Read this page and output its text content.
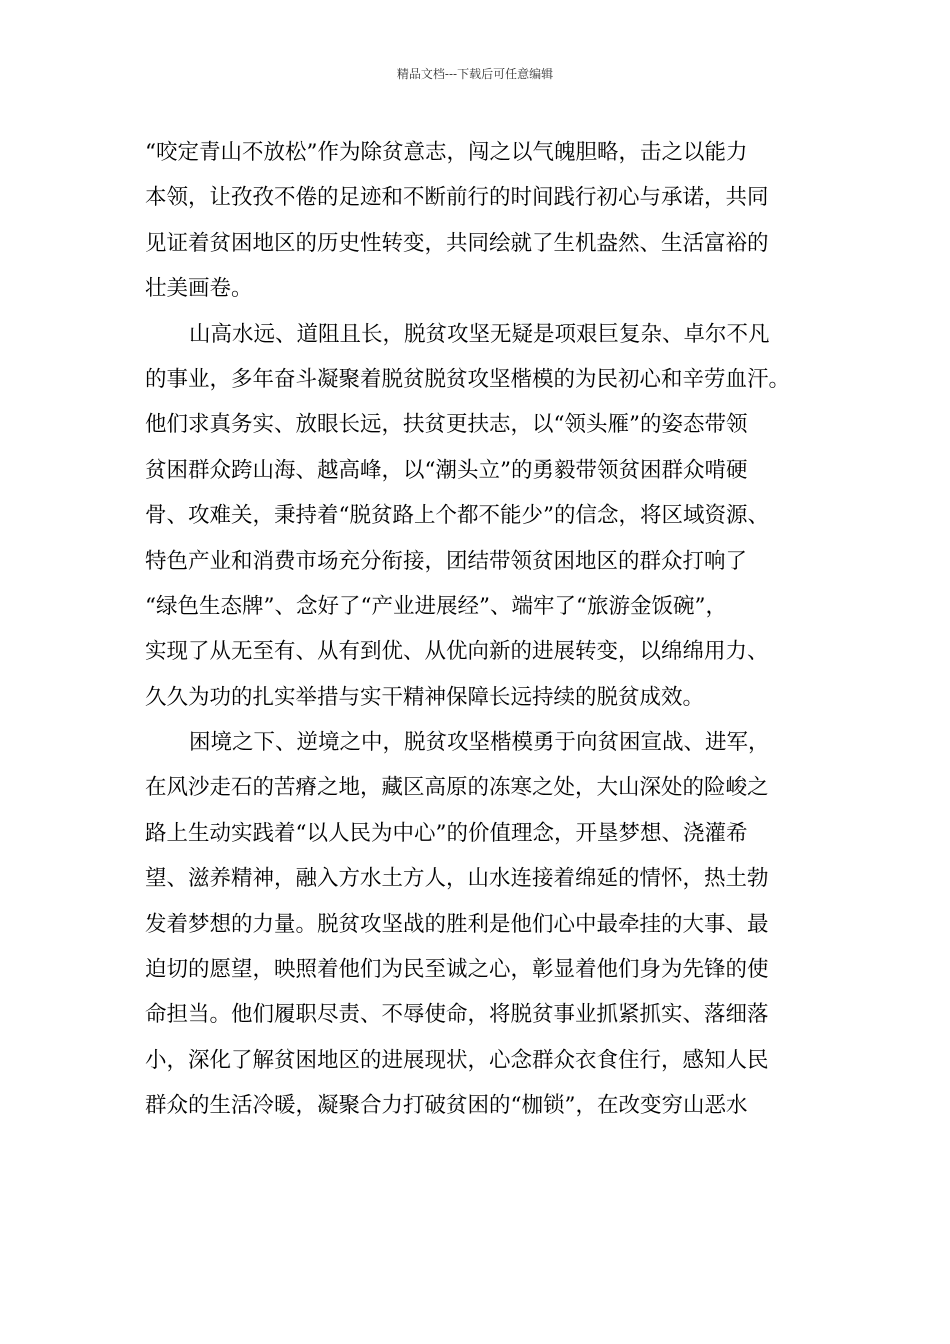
精品文档---下载后可任意编辑
“咬定青山不放松”作为除贫意志，闯之以气魄胆略，击之以能力
本领，让孜孜不倦的足迹和不断前行的时间践行初心与承诺，共同
见证着贫困地区的历史性转变，共同绘就了生机盎然、生活富裕的
壮美画卷。
山高水远、道阻且长，脱贫攻坚无疑是项艰巨复杂、卓尔不凡
的事业，多年奋斗凝聚着脱贫脱贫攻坚楷模的为民初心和辛劳血汗。
他们求真务实、放眼长远，扶贫更扶志，以“领头雁”的姿态带领
贫困群众跨山海、越高峰，以“潮头立”的勇毅带领贫困群众啃硬
骨、攻难关，秉持着“脱贫路上个都不能少”的信念，将区域资源、
特色产业和消费市场充分衔接，团结带领贫困地区的群众打响了
“绿色生态牌”、念好了“产业进展经”、端牢了“旅游金饭碗”，
实现了从无至有、从有到优、从优向新的进展转变，以绵绵用力、
久久为功的扎实举措与实干精神保障长远持续的脱贫成效。
困境之下、逆境之中，脱贫攻坚楷模勇于向贫困宣战、进军，
在风沙走石的苦瘠之地，藏区高原的冻寒之处，大山深处的险峻之
路上生动实践着“以人民为中心”的价值理念，开垦梦想、浇灌希
望、滋养精神，融入方水土方人，山水连接着绵延的情怀，热土勃
发着梦想的力量。脱贫攻坚战的胜利是他们心中最牵挂的大事、最
迫切的愿望，映照着他们为民至诚之心，彰显着他们身为先锋的使
命担当。他们履职尽责、不辱使命，将脱贫事业抓紧抓实、落细落
小，深化了解贫困地区的进展现状，心念群众衣食住行，感知人民
群众的生活冷暖，凝聚合力打破贫困的“枷锁”，在改变穷山恶水
